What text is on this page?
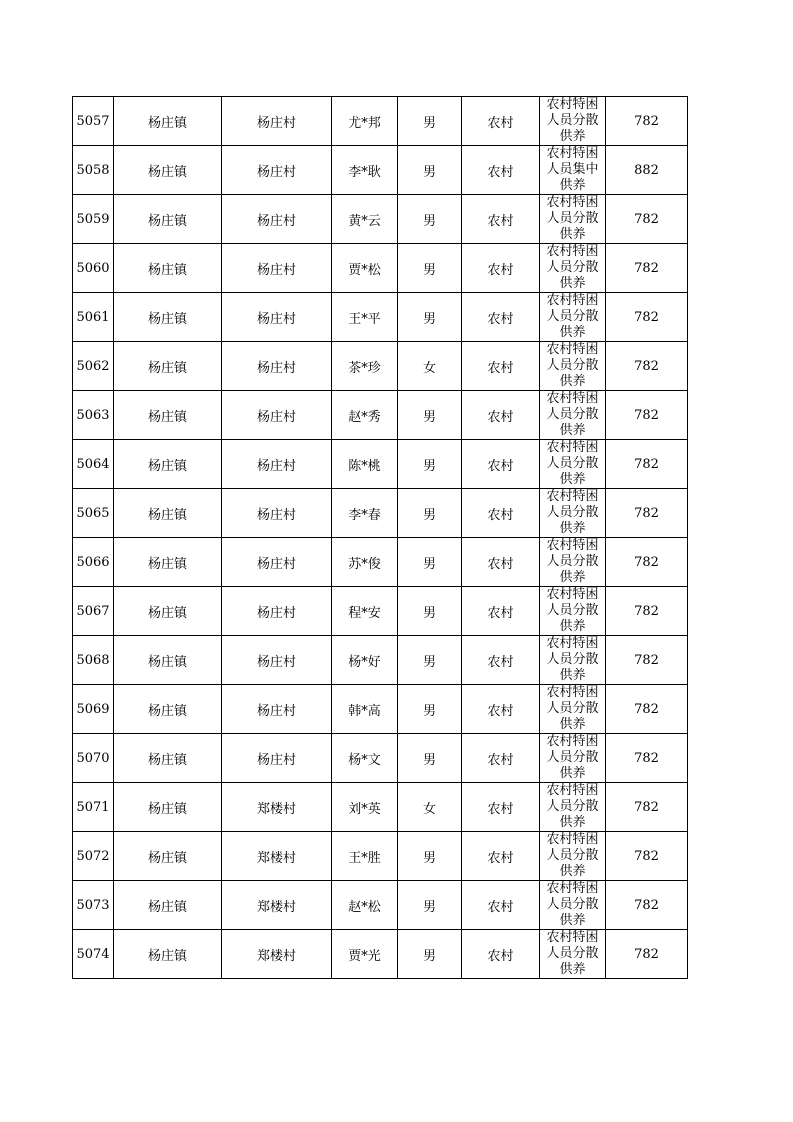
5057	杨庄镇	杨庄村	尤*邦	男	农村	农村特困人员分散供养	782
5058	杨庄镇	杨庄村	李*耿	男	农村	农村特困人员集中供养	882
5059	杨庄镇	杨庄村	黄*云	男	农村	农村特困人员分散供养	782
5060	杨庄镇	杨庄村	贾*松	男	农村	农村特困人员分散供养	782
5061	杨庄镇	杨庄村	王*平	男	农村	农村特困人员分散供养	782
5062	杨庄镇	杨庄村	茶*珍	女	农村	农村特困人员分散供养	782
5063	杨庄镇	杨庄村	赵*秀	男	农村	农村特困人员分散供养	782
5064	杨庄镇	杨庄村	陈*桃	男	农村	农村特困人员分散供养	782
5065	杨庄镇	杨庄村	李*春	男	农村	农村特困人员分散供养	782
5066	杨庄镇	杨庄村	苏*俊	男	农村	农村特困人员分散供养	782
5067	杨庄镇	杨庄村	程*安	男	农村	农村特困人员分散供养	782
5068	杨庄镇	杨庄村	杨*好	男	农村	农村特困人员分散供养	782
5069	杨庄镇	杨庄村	韩*高	男	农村	农村特困人员分散供养	782
5070	杨庄镇	杨庄村	杨*文	男	农村	农村特困人员分散供养	782
5071	杨庄镇	郑楼村	刘*英	女	农村	农村特困人员分散供养	782
5072	杨庄镇	郑楼村	王*胜	男	农村	农村特困人员分散供养	782
5073	杨庄镇	郑楼村	赵*松	男	农村	农村特困人员分散供养	782
5074	杨庄镇	郑楼村	贾*光	男	农村	农村特困人员分散供养	782
